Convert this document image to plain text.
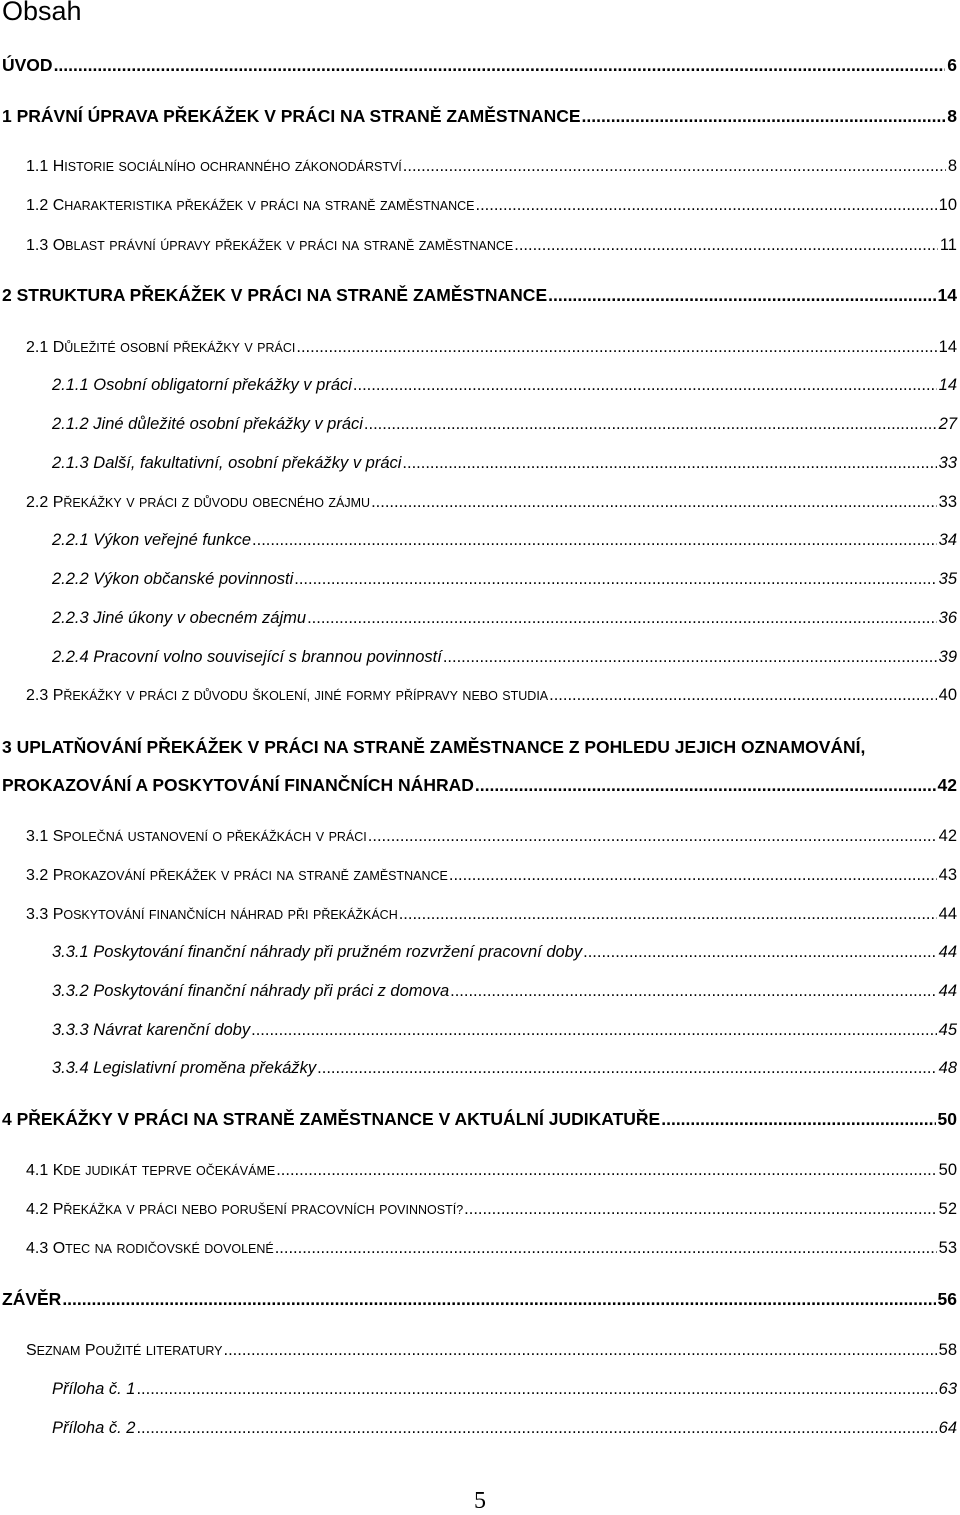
Obsah
ÚVOD .....	6
1 PRÁVNÍ ÚPRAVA PŘEKÁŽEK V PRÁCI NA STRANĚ ZAMĚSTNANCE .....	8
1.1 HISTORIE SOCIÁLNÍHO OCHRANNÉHO ZÁKONODÁRSTVÍ .....	8
1.2 CHARAKTERISTIKA PŘEKÁŽEK V PRÁCI NA STRANĚ ZAMĚSTNANCE .....	10
1.3 OBLAST PRÁVNÍ ÚPRAVY PŘEKÁŽEK V PRÁCI NA STRANĚ ZAMĚSTNANCE .....	11
2 STRUKTURA PŘEKÁŽEK V PRÁCI NA STRANĚ ZAMĚSTNANCE .....	14
2.1 DŮLEŽITÉ OSOBNÍ PŘEKÁŽKY V PRÁCI .....	14
2.1.1 Osobní obligatorní překážky v práci .....	14
2.1.2 Jiné důležité osobní překážky v práci .....	27
2.1.3 Další, fakultativní, osobní překážky v práci .....	33
2.2 PŘEKÁŽKY V PRÁCI Z DŮVODU OBECNÉHO ZÁJMU .....	33
2.2.1 Výkon veřejné funkce .....	34
2.2.2 Výkon občanské povinnosti .....	35
2.2.3 Jiné úkony v obecném zájmu .....	36
2.2.4 Pracovní volno související s brannou povinností .....	39
2.3 PŘEKÁŽKY V PRÁCI Z DŮVODU ŠKOLENÍ, JINÉ FORMY PŘÍPRAVY NEBO STUDIA .....	40
3 UPLATŇOVÁNÍ PŘEKÁŽEK V PRÁCI NA STRANĚ ZAMĚSTNANCE Z POHLEDU JEJICH OZNAMOVÁNÍ,
PROKAZOVÁNÍ A POSKYTOVÁNÍ FINANČNÍCH NÁHRAD .....	42
3.1 SPOLEČNÁ USTANOVENÍ O PŘEKÁŽKÁCH V PRÁCI .....	42
3.2 PROKAZOVÁNÍ PŘEKÁŽEK V PRÁCI NA STRANĚ ZAMĚSTNANCE .....	43
3.3 POSKYTOVÁNÍ FINANČNÍCH NÁHRAD PŘI PŘEKÁŽKÁCH .....	44
3.3.1 Poskytování finanční náhrady při pružném rozvržení pracovní doby .....	44
3.3.2 Poskytování finanční náhrady při práci z domova .....	44
3.3.3 Návrat karenční doby .....	45
3.3.4 Legislativní proměna překážky .....	48
4 PŘEKÁŽKY V PRÁCI NA STRANĚ ZAMĚSTNANCE V AKTUÁLNÍ JUDIKATUŘE .....	50
4.1 KDE JUDIKÁT TEPRVE OČEKÁVÁME .....	50
4.2 PŘEKÁŽKA V PRÁCI NEBO PORUŠENÍ PRACOVNÍCH POVINNOSTÍ? .....	52
4.3 OTEC NA RODIČOVSKÉ DOVOLENÉ .....	53
ZÁVĚR .....	56
SEZNAM POUŽITÉ LITERATURY .....	58
Příloha č. 1 .....	63
Příloha č. 2 .....	64
5
